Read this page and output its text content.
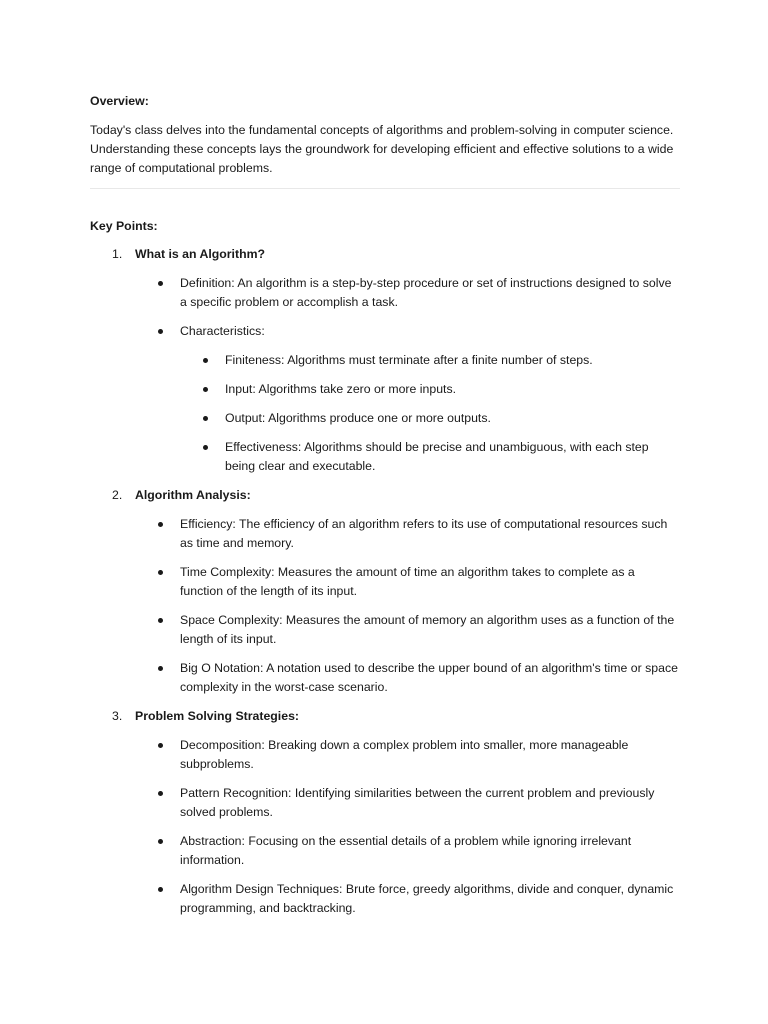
Overview:

Today's class delves into the fundamental concepts of algorithms and problem-solving in computer science. Understanding these concepts lays the groundwork for developing efficient and effective solutions to a wide range of computational problems.

Key Points:

1. What is an Algorithm?
Definition: An algorithm is a step-by-step procedure or set of instructions designed to solve a specific problem or accomplish a task.
Characteristics:
Finiteness: Algorithms must terminate after a finite number of steps.
Input: Algorithms take zero or more inputs.
Output: Algorithms produce one or more outputs.
Effectiveness: Algorithms should be precise and unambiguous, with each step being clear and executable.
2. Algorithm Analysis:
Efficiency: The efficiency of an algorithm refers to its use of computational resources such as time and memory.
Time Complexity: Measures the amount of time an algorithm takes to complete as a function of the length of its input.
Space Complexity: Measures the amount of memory an algorithm uses as a function of the length of its input.
Big O Notation: A notation used to describe the upper bound of an algorithm's time or space complexity in the worst-case scenario.
3. Problem Solving Strategies:
Decomposition: Breaking down a complex problem into smaller, more manageable subproblems.
Pattern Recognition: Identifying similarities between the current problem and previously solved problems.
Abstraction: Focusing on the essential details of a problem while ignoring irrelevant information.
Algorithm Design Techniques: Brute force, greedy algorithms, divide and conquer, dynamic programming, and backtracking.
